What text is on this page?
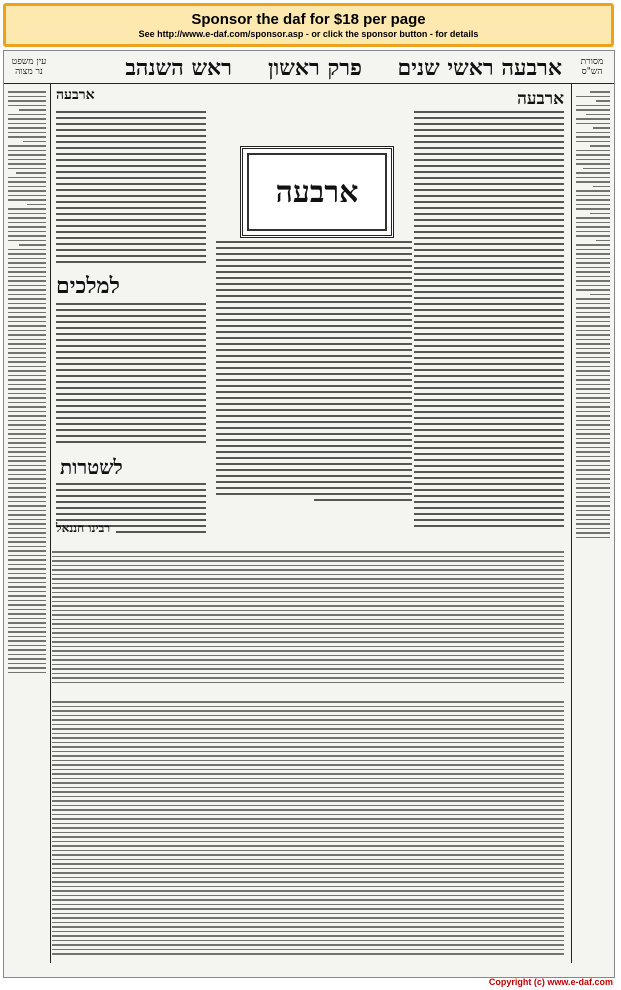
Sponsor the daf for $18 per page
See http://www.e-daf.com/sponsor.asp - or click the sponsor button - for details
מסורת הש"ס
ארבעה ראשי שנים
פרק ראשון
ראש השנה
ב
עין משפט נר מצוה
ארבעה
ארבעה
למלכים
לשטרות
רבינו חננאל
ארבעה
Copyright (c) www.e-daf.com
